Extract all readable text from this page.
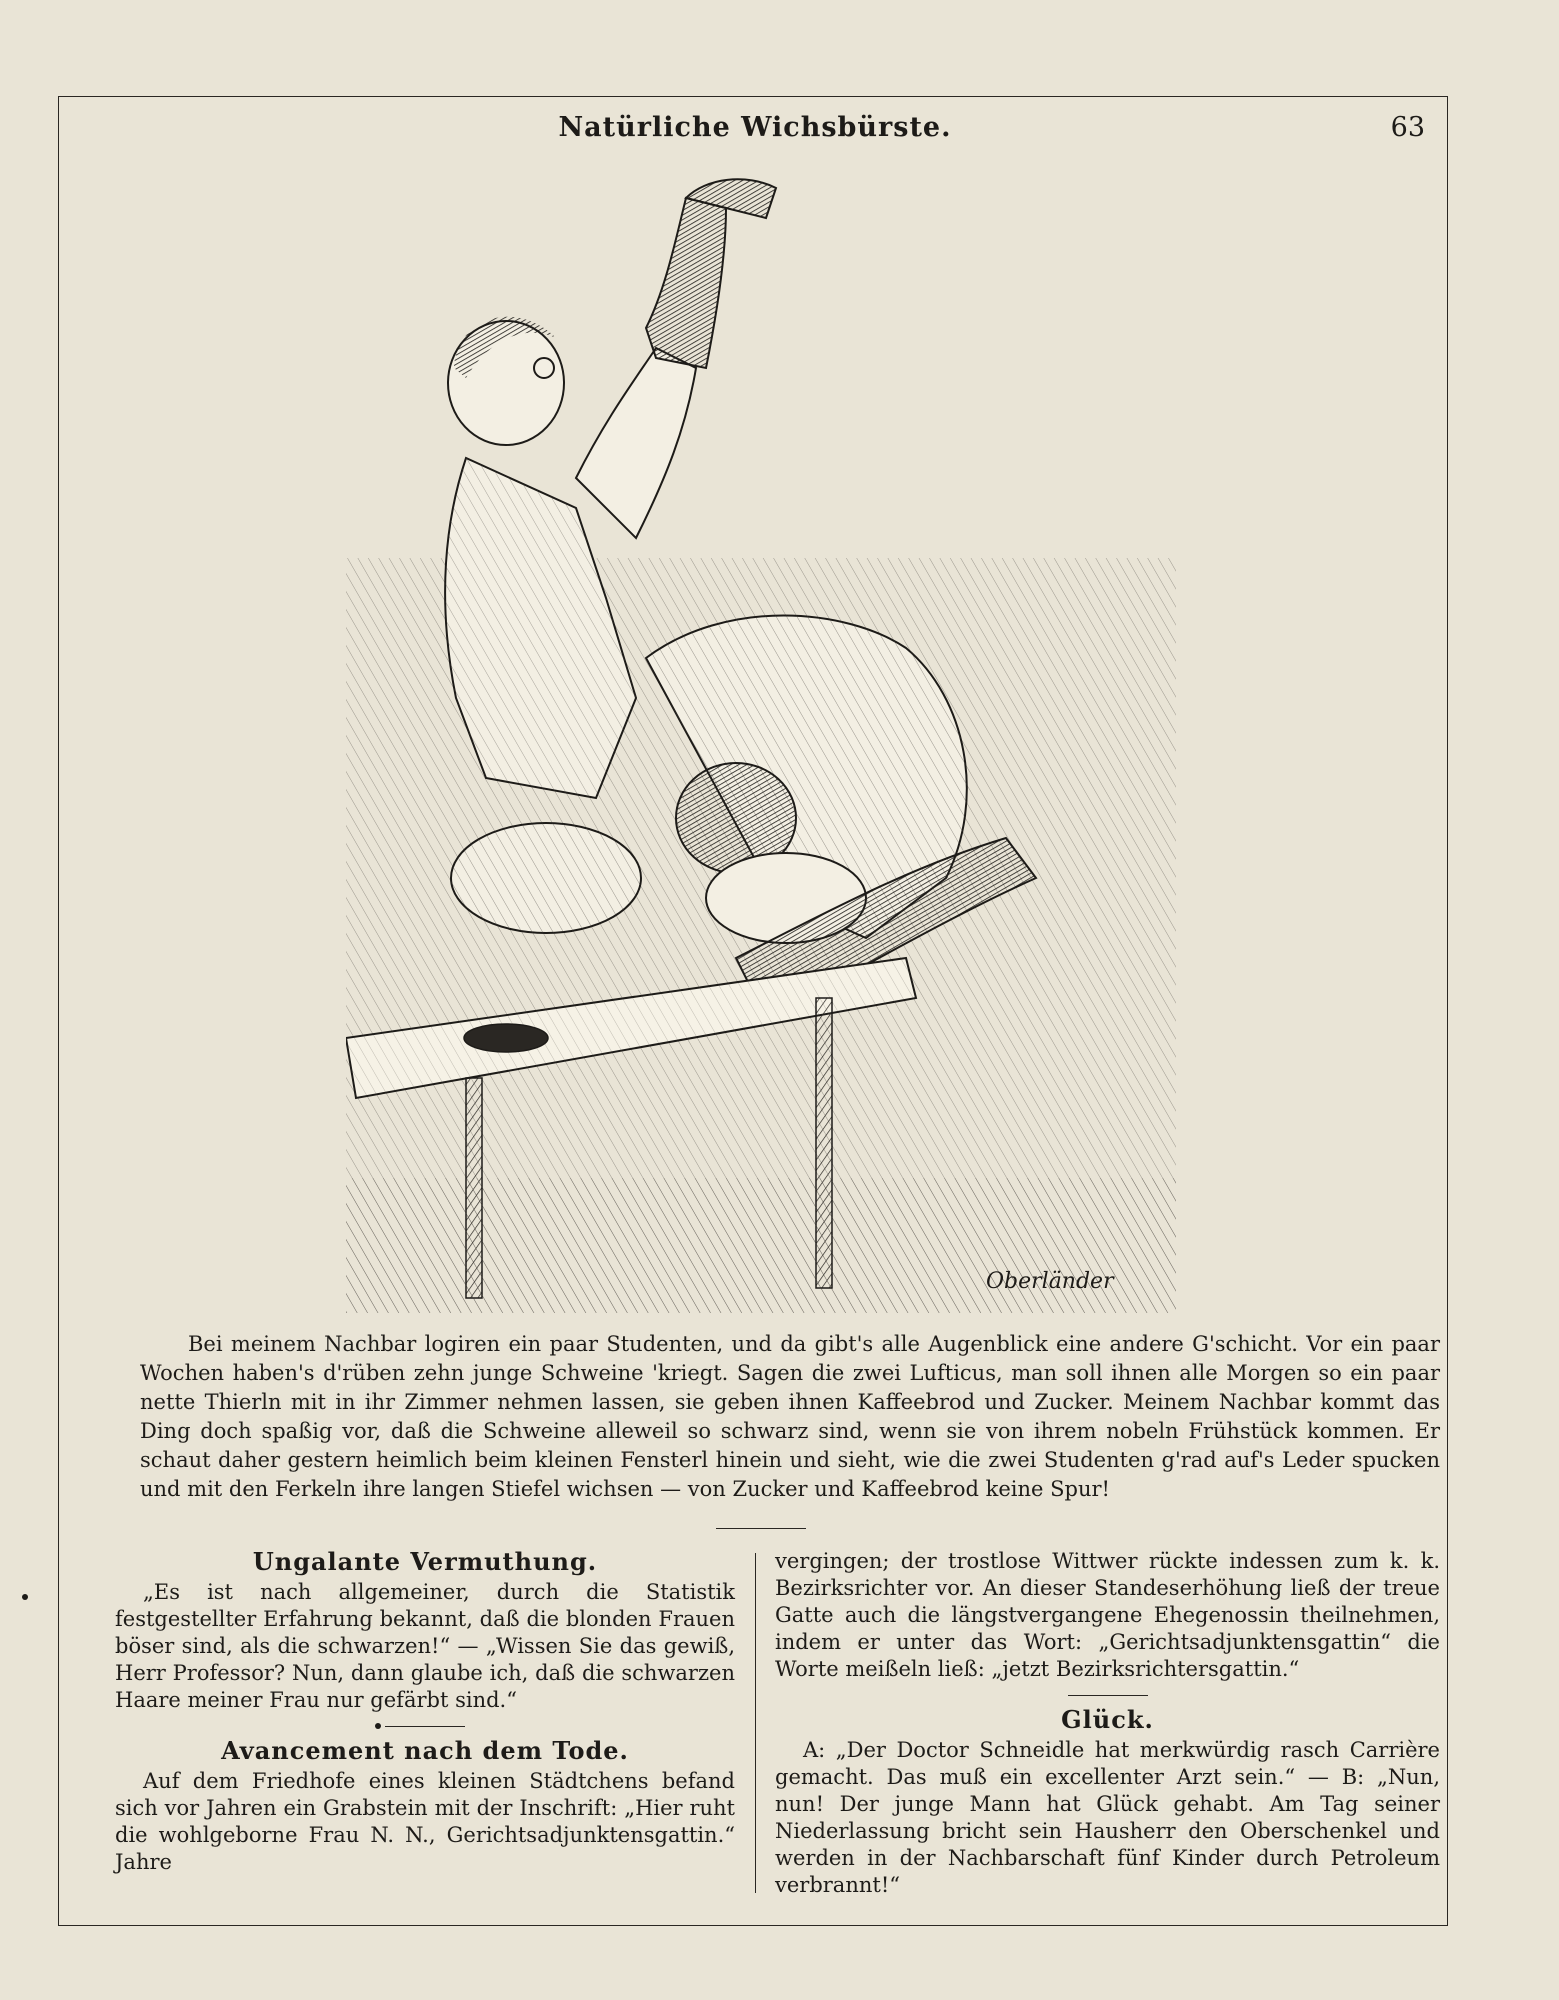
Natürliche Wichsbürste.	63
Oberländer

Bei meinem Nachbar logiren ein paar Studenten, und da gibt's alle Augenblick eine andere G'schicht. Vor ein paar Wochen haben's d'rüben zehn junge Schweine 'kriegt. Sagen die zwei Lufticus, man soll ihnen alle Morgen so ein paar nette Thierln mit in ihr Zimmer nehmen lassen, sie geben ihnen Kaffeebrod und Zucker. Meinem Nachbar kommt das Ding doch spaßig vor, daß die Schweine alleweil so schwarz sind, wenn sie von ihrem nobeln Frühstück kommen. Er schaut daher gestern heimlich beim kleinen Fensterl hinein und sieht, wie die zwei Studenten g'rad auf's Leder spucken und mit den Ferkeln ihre langen Stiefel wichsen — von Zucker und Kaffeebrod keine Spur!

Ungalante Vermuthung.

„Es ist nach allgemeiner, durch die Statistik festgestellter Erfahrung bekannt, daß die blonden Frauen böser sind, als die schwarzen!“ — „Wissen Sie das gewiß, Herr Professor? Nun, dann glaube ich, daß die schwarzen Haare meiner Frau nur gefärbt sind.“

Avancement nach dem Tode.

Auf dem Friedhofe eines kleinen Städtchens befand sich vor Jahren ein Grabstein mit der Inschrift: „Hier ruht die wohlgeborne Frau N. N., Gerichtsadjunktensgattin.“ Jahre

vergingen; der trostlose Wittwer rückte indessen zum k. k. Bezirksrichter vor. An dieser Standeserhöhung ließ der treue Gatte auch die längstvergangene Ehegenossin theilnehmen, indem er unter das Wort: „Gerichtsadjunktensgattin“ die Worte meißeln ließ: „jetzt Bezirksrichtersgattin.“

Glück.

A: „Der Doctor Schneidle hat merkwürdig rasch Carrière gemacht. Das muß ein excellenter Arzt sein.“ — B: „Nun, nun! Der junge Mann hat Glück gehabt. Am Tag seiner Niederlassung bricht sein Hausherr den Oberschenkel und werden in der Nachbarschaft fünf Kinder durch Petroleum verbrannt!“
